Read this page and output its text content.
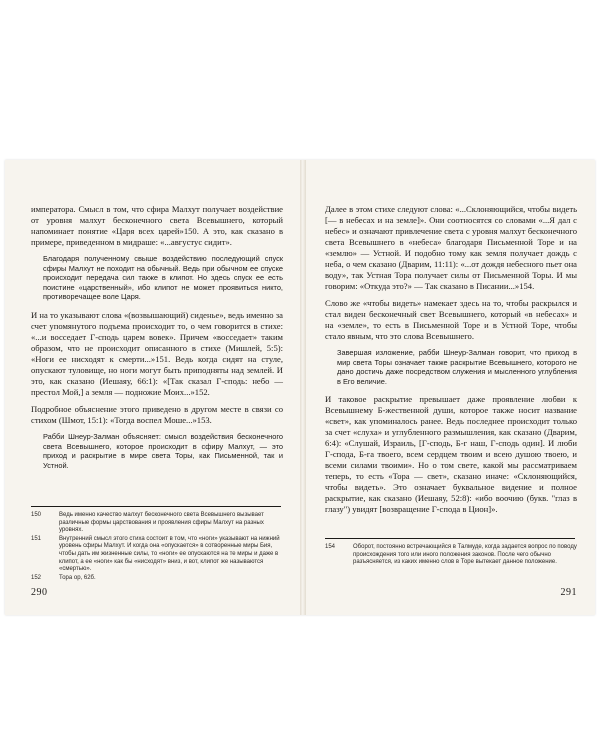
императора. Смысл в том, что сфира Малхут получает воздействие от уровня малхут бесконечного света Всевышнего, который напоминает понятие «Царя всех царей»150. А это, как сказано в примере, приведенном в мидраше: «...августус сидит».

Благодаря полученному свыше воздействию последующий спуск сфиры Малхут не походит на обычный. Ведь при обычном ее спуске происходит передача сил также в клипот. Но здесь спуск ее есть поистине «царственный», ибо клипот не может проявиться никто, противоречащее воле Царя.

И на то указывают слова «(возвышающий) сиденье», ведь именно за счет упомянутого подъема происходит то, о чем говорится в стихе: «...и восседает Г-сподь царем вовек». Причем «восседает» таким образом, что не происходит описанного в стихе (Мишлей, 5:5): «Ноги ее нисходят к смерти...»151. Ведь когда сидят на стуле, опускают туловище, но ноги могут быть приподняты над землей. И это, как сказано (Иешаяу, 66:1): «[Так сказал Г-сподь: небо — престол Мой,] а земля — подножие Моих...»152.

Подробное объяснение этого приведено в другом месте в связи со стихом (Шмот, 15:1): «Тогда воспел Моше...»153.

Рабби Шнеур-Залман объясняет: смысл воздействия бесконечного света Всевышнего, которое происходит в сфиру Малхут, — это приход и раскрытие в мире света Торы, как Письменной, так и Устной.

150	Ведь именно качество малхут бесконечного света Всевышнего вызывает различные формы царствования и проявления сфиры Малхут на разных уровнях.
151	Внутренний смысл этого стиха состоит в том, что «ноги» указывают на нижний уровень сфиры Малхут. И когда она «опускается» в сотворенные миры Бия, чтобы дать им жизненные силы, то «ноги» ее опускаются на те миры и даже в клипот, а ее «ноги» как бы «нисходят» вниз, и вот, клипот же называются «смертью».
152	Тора ор, 62б.
290

Далее в этом стихе следуют слова: «...Склоняющийся, чтобы видеть [— в небесах и на земле]». Они соотносятся со словами «...Я дал с небес» и означают привлечение света с уровня малхут бесконечного света Всевышнего в «небеса» благодаря Письменной Торе и на «землю» — Устной. И подобно тому как земля получает дождь с неба, о чем сказано (Дварим, 11:11): «...от дождя небесного пьет она воду», так Устная Тора получает силы от Письменной Торы. И мы говорим: «Откуда это?» — Так сказано в Писании...»154.

Слово же «чтобы видеть» намекает здесь на то, чтобы раскрылся и стал виден бесконечный свет Всевышнего, который «в небесах» и на «земле», то есть в Письменной Торе и в Устной Торе, чтобы стало явным, что это слова Всевышнего.

Завершая изложение, рабби Шнеур-Залман говорит, что приход в мир света Торы означает также раскрытие Всевышнего, которого не дано достичь даже посредством служения и мысленного углубления в Его величие.

И таковое раскрытие превышает даже проявление любви к Всевышнему Б-жественной души, которое также носит название «свет», как упоминалось ранее. Ведь последнее происходит только за счет «слуха» и углубленного размышления, как сказано (Дварим, 6:4): «Слушай, Израиль, [Г-сподь, Б-г наш, Г-сподь один]. И люби Г-спода, Б-га твоего, всем сердцем твоим и всею душою твоею, и всеми силами твоими». Но о том свете, какой мы рассматриваем теперь, то есть «Тора — свет», сказано иначе: «Склоняющийся, чтобы видеть». Это означает буквальное видение и полное раскрытие, как сказано (Иешаяу, 52:8): «ибо воочию (букв. "глаз в глазу") увидят [возвращение Г-спода в Цион]».

154	Оборот, постоянно встречающийся в Талмуде, когда задается вопрос по поводу происхождения того или иного положения законов. После чего обычно разъясняется, из каких именно слов в Торе вытекает данное положение.
291
